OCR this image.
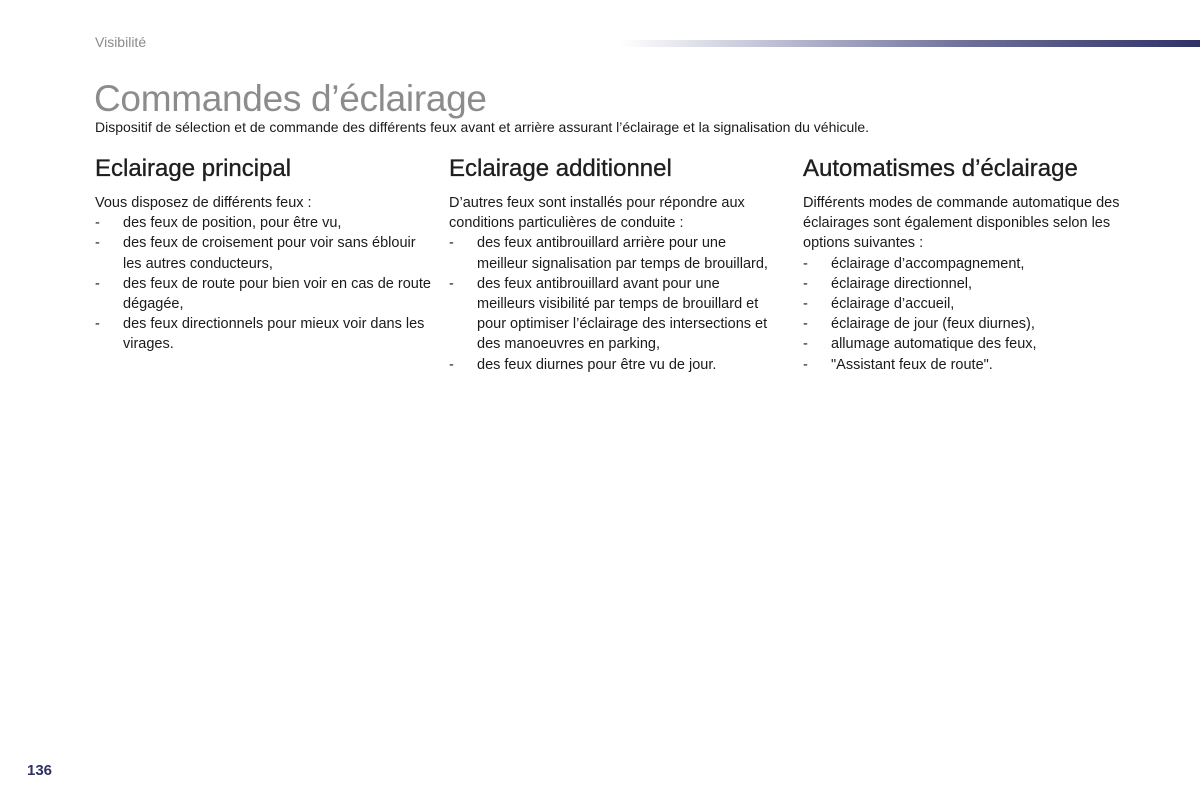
Visibilité
Commandes d’éclairage

Dispositif de sélection et de commande des différents feux avant et arrière assurant l’éclairage et la signalisation du véhicule.

Eclairage principal

Vous disposez de différents feux :

- des feux de position, pour être vu,
- des feux de croisement pour voir sans éblouir les autres conducteurs,
- des feux de route pour bien voir en cas de route dégagée,
- des feux directionnels pour mieux voir dans les virages.
Eclairage additionnel

D’autres feux sont installés pour répondre aux conditions particulières de conduite :

- des feux antibrouillard arrière pour une meilleur signalisation par temps de brouillard,
- des feux antibrouillard avant pour une meilleurs visibilité par temps de brouillard et pour optimiser l’éclairage des intersections et des manoeuvres en parking,
- des feux diurnes pour être vu de jour.
Automatismes d’éclairage

Différents modes de commande automatique des éclairages sont également disponibles selon les options suivantes :

- éclairage d’accompagnement,
- éclairage directionnel,
- éclairage d’accueil,
- éclairage de jour (feux diurnes),
- allumage automatique des feux,
- "Assistant feux de route".
136
